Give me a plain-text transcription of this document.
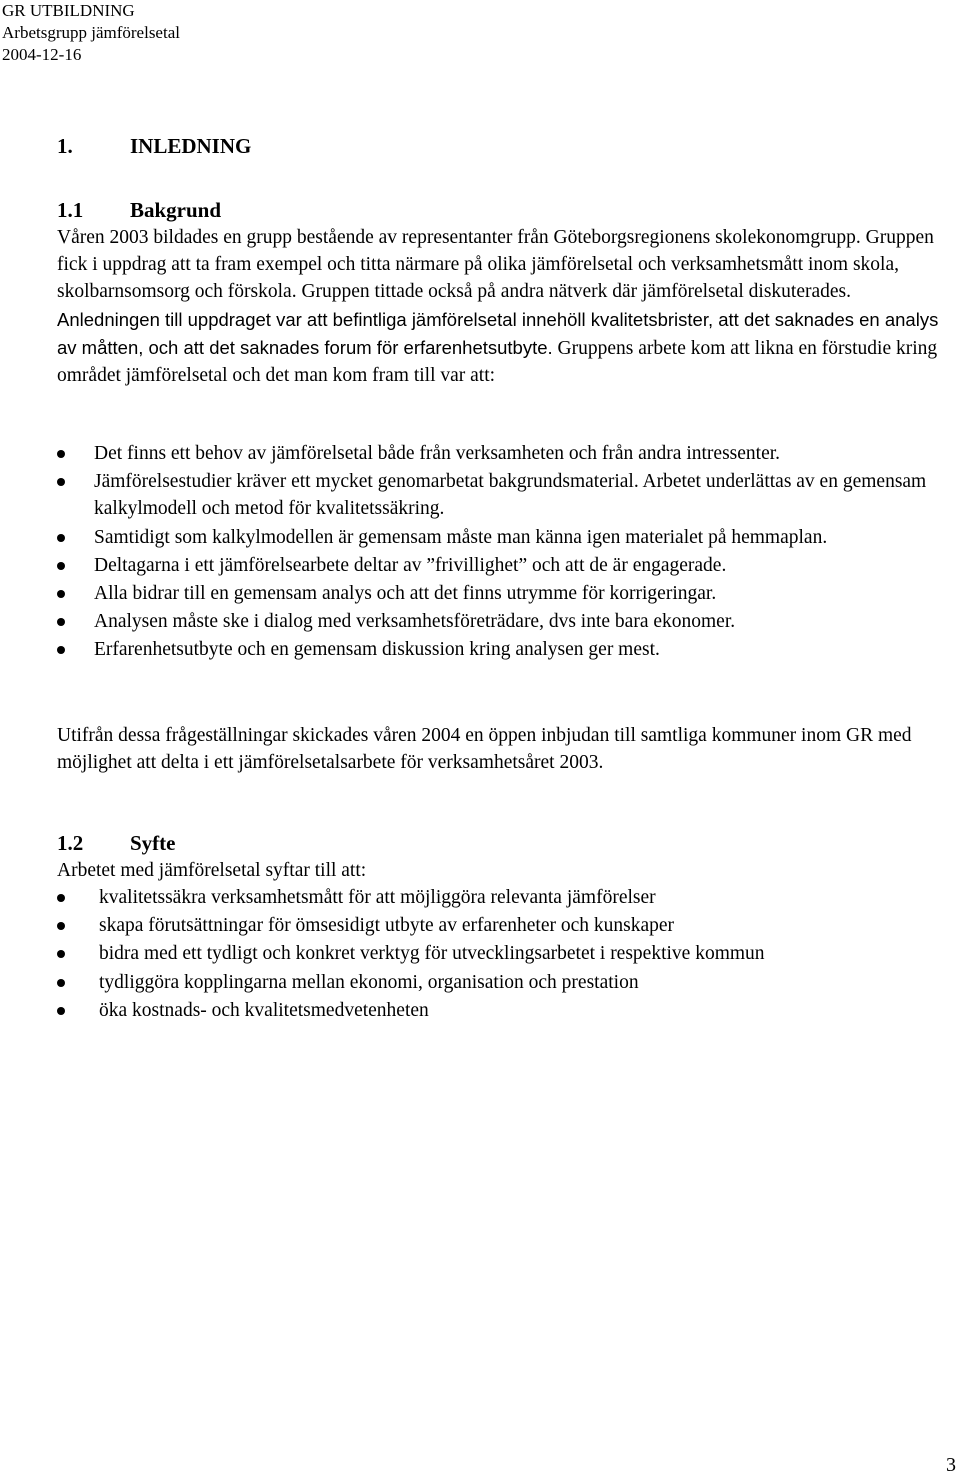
GR UTBILDNING
Arbetsgrupp jämförelsetal
2004-12-16
1.	INLEDNING
1.1 Bakgrund

Våren 2003 bildades en grupp bestående av representanter från Göteborgsregionens skolekonomgrupp. Gruppen fick i uppdrag att ta fram exempel och titta närmare på olika jämförelsetal och verksamhetsmått inom skola, skolbarnsomsorg och förskola. Gruppen tittade också på andra nätverk där jämförelsetal diskuterades. Anledningen till uppdraget var att befintliga jämförelsetal innehöll kvalitetsbrister, att det saknades en analys av måtten, och att det saknades forum för erfarenhetsutbyte. Gruppens arbete kom att likna en förstudie kring området jämförelsetal och det man kom fram till var att:

Det finns ett behov av jämförelsetal både från verksamheten och från andra intressenter.
Jämförelsestudier kräver ett mycket genomarbetat bakgrundsmaterial. Arbetet underlättas av en gemensam kalkylmodell och metod för kvalitetssäkring.
Samtidigt som kalkylmodellen är gemensam måste man känna igen materialet på hemmaplan.
Deltagarna i ett jämförelsearbete deltar av ”frivillighet” och att de är engagerade.
Alla bidrar till en gemensam analys och att det finns utrymme för korrigeringar.
Analysen måste ske i dialog med verksamhetsföreträdare, dvs inte bara ekonomer.
Erfarenhetsutbyte och en gemensam diskussion kring analysen ger mest.

Utifrån dessa frågeställningar skickades våren 2004 en öppen inbjudan till samtliga kommuner inom GR med möjlighet att delta i ett jämförelsetalsarbete för verksamhetsåret 2003.

1.2 Syfte

Arbetet med jämförelsetal syftar till att:

kvalitetssäkra verksamhetsmått för att möjliggöra relevanta jämförelser
skapa förutsättningar för ömsesidigt utbyte av erfarenheter och kunskaper
bidra med ett tydligt och konkret verktyg för utvecklingsarbetet i respektive kommun
tydliggöra kopplingarna mellan ekonomi, organisation och prestation
öka kostnads- och kvalitetsmedvetenheten
3
